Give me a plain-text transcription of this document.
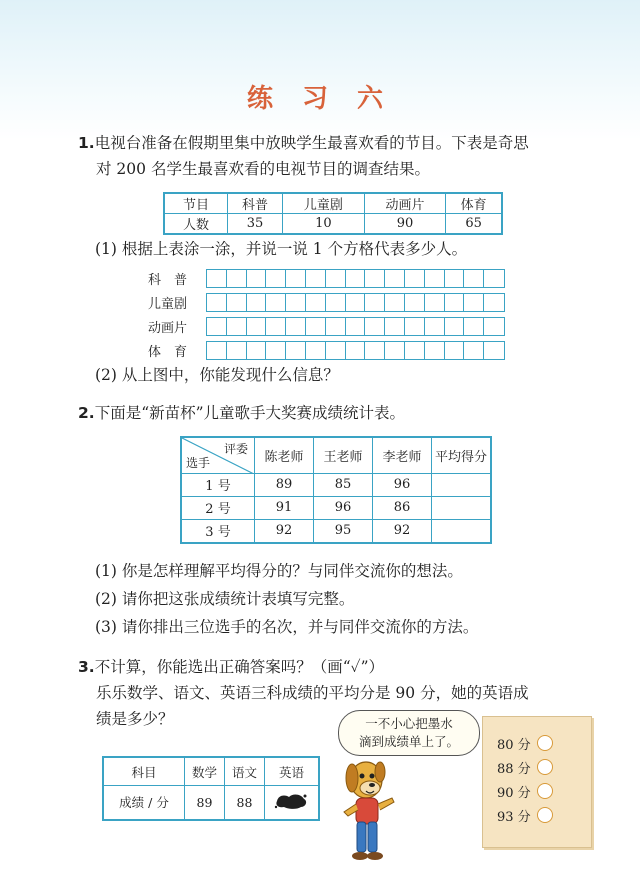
练 习 六
1.电视台准备在假期里集中放映学生最喜欢看的节目。下表是奇思
对 200 名学生最喜欢看的电视节目的调查结果。
节目	科普	儿童剧	动画片	体育
人数	35	10	90	65
(1) 根据上表涂一涂，并说一说 1 个方格代表多少人。
科　普
儿童剧
动画片
体　育
(2) 从上图中，你能发现什么信息？
2.下面是“新苗杯”儿童歌手大奖赛成绩统计表。
评委
选手	陈老师	王老师	李老师	平均得分
1 号	89	85	96	
2 号	91	96	86	
3 号	92	95	92	
(1) 你是怎样理解平均得分的？与同伴交流你的想法。
(2) 请你把这张成绩统计表填写完整。
(3) 请你排出三位选手的名次，并与同伴交流你的方法。
3.不计算，你能选出正确答案吗？（画“✓”）
乐乐数学、语文、英语三科成绩的平均分是 90 分，她的英语成
绩是多少？	一不小心把墨水
滴到成绩单上了。
科目	数学	语文	英语
成绩 / 分	89	88	
80 分
88 分
90 分
93 分
